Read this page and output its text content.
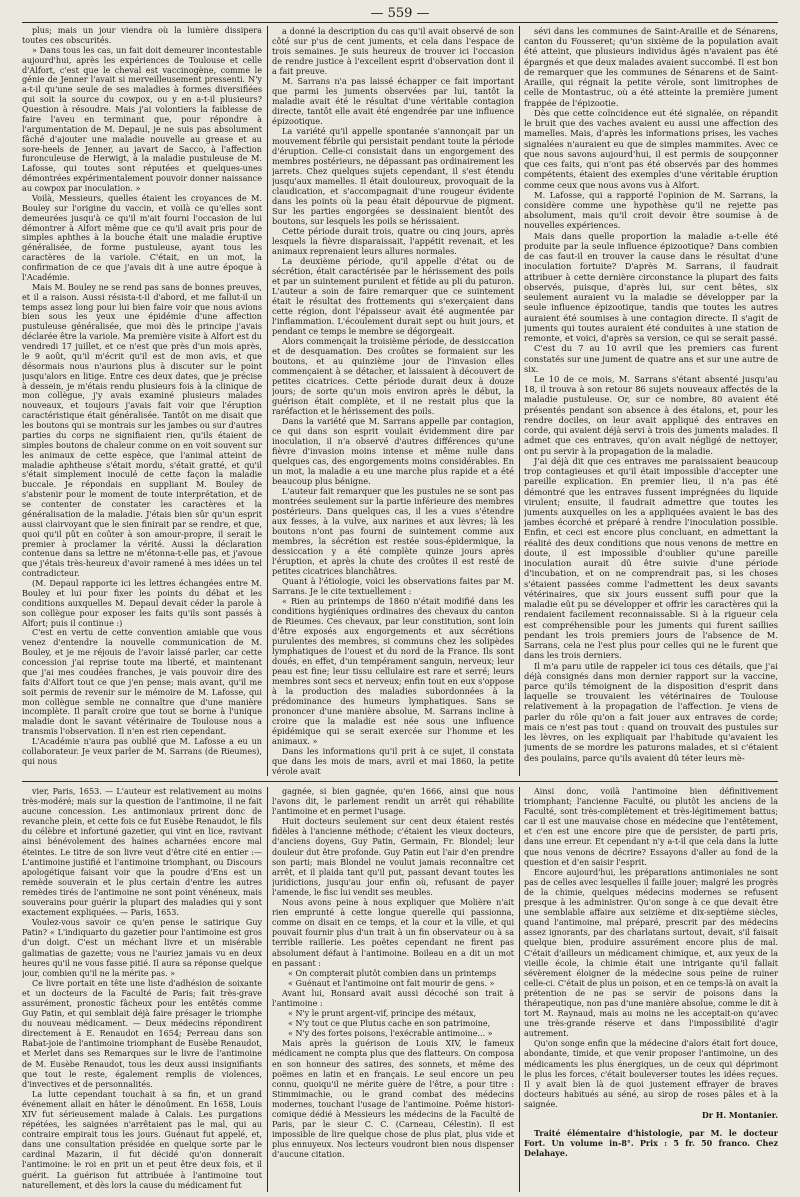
— 559 —

plus; mais un jour viendra où la lumière dissipera toutes ces obscurités.

» Dans tous les cas, un fait doit demeurer incontestable aujourd'hui, après les expériences de Toulouse et celle d'Alfort, c'est que le cheval est vaccinogène, comme le génie de Jenner l'avait si merveilleusement pressenti. N'y a-t-il qu'une seule de ses maladies à formes diversifiées qui soit la source du cowpox, ou y en a-t-il plusieurs? Question à résoudre. Mais j'ai volontiers la faiblesse de faire l'aveu en terminant que, pour répondre à l'argumentation de M. Depaul, je ne suis pas absolument fâché d'ajouter une maladie nouvelle au grease et au sore-heels de Jenner, au javart de Sacco, à l'affection furonculeuse de Herwigt, à la maladie pustuleuse de M. Lafosse, qui toutes sont réputées et quelques-unes démontrées expérimentalement pouvoir donner naissance au cowpox par inoculation. »

Voilà, Messieurs, quelles étaient les croyances de M. Bouley sur l'origine du vaccin, et voilà ce qu'elles sont demeurées jusqu'à ce qu'il m'ait fourni l'occasion de lui démontrer à Alfort même que ce qu'il avait pris pour de simples aphthes à la bouche était une maladie éruptive généralisée, de forme pustuleuse, ayant tous les caractères de la variole. C'était, en un mot, la confirmation de ce que j'avais dit à une autre époque à l'Académie.

Mais M. Bouley ne se rend pas sans de bonnes preuves, et il a raison. Aussi résista-t-il d'abord, et me fallut-il un temps assez long pour lui bien faire voir que nous avions bien sous les yeux une épidémie d'une affection pustuleuse généralisée, que moi dès le principe j'avais déclarée être la variole. Ma première visite à Alfort est du vendredi 17 juillet, et ce n'est que près d'un mois après, le 9 août, qu'il m'écrit qu'il est de mon avis, et que désormais nous n'aurions plus à discuter sur le point jusqu'alors en litige. Entre ces deux dates, que je précise à dessein, je m'étais rendu plusieurs fois à la clinique de mon collègue, j'y avais examiné plusieurs malades nouveaux, et toujours j'avais fait voir que l'éruption caractéristique était généralisée. Tantôt on me disait que les boutons qui se montrais sur les jambes ou sur d'autres parties du corps ne signifiaient rien, qu'ils étaient de simples boutons de chaleur comme on en voit souvent sur les animaux de cette espèce, que l'animal atteint de maladie aphtheuse s'était mordu, s'était gratté, et qu'il s'était simplement inoculé de cette façon la maladie buccale. Je répondais en suppliant M. Bouley de s'abstenir pour le moment de toute interprétation, et de se contenter de constater les caractères et la généralisation de la maladie. J'étais bien sûr qu'un esprit aussi clairvoyant que le sien finirait par se rendre, et que, quoi qu'il pût en coûter à son amour-propre, il serait le premier à proclamer la vérité. Aussi la déclaration contenue dans sa lettre ne m'étonna-t-elle pas, et j'avoue que j'étais très-heureux d'avoir ramené à mes idées un tel contradicteur.

(M. Depaul rapporte ici les lettres échangées entre M. Bouley et lui pour fixer les points du débat et les conditions auxquelles M. Depaul devait céder la parole à son collègue pour exposer les faits qu'ils sont passés à Alfort; puis il continue :)

C'est en vertu de cette convention amiable que vous venez d'entendre la nouvelle communication de M. Bouley, et je me réjouis de l'avoir laissé parler, car cette concession j'ai reprise toute ma liberté, et maintenant que j'ai mes coudées franches, je vais pouvoir dire des faits d'Alfort tout ce que j'en pense; mais avant, qu'il me soit permis de revenir sur le mémoire de M. Lafosse, qui mon collègue semble ne connaître que d'une manière incomplète. Il paraît croire que tout se borne à l'unique maladie dont le savant vétérinaire de Toulouse nous a transmis l'observation. Il n'en est rien cependant.

L'Académie n'aura pas oublié que M. Lafosse a eu un collaborateur. Je veux parler de M. Sarrans (de Rieumes), qui nous

a donné la description du cas qu'il avait observé de son côté sur p'us de cent juments, et cela dans l'espace de trois semaines. Je suis heureux de trouver ici l'occasion de rendre justice à l'excellent esprit d'observation dont il a fait preuve.

M. Sarrans n'a pas laissé échapper ce fait important que parmi les juments observées par lui, tantôt la maladie avait été le résultat d'une véritable contagion directe, tantôt elle avait été engendrée par une influence épizootique.

La variété qu'il appelle spontanée s'annonçait par un mouvement fébrile qui persistait pendant toute la période d'éruption. Celle-ci consistait dans un engorgement des membres postérieurs, ne dépassant pas ordinairement les jarrets. Chez quelques sujets cependant, il s'est étendu jusqu'aux mamelles. Il était douloureux, provoquait de la claudication, et s'accompagnait d'une rougeur évidente dans les points où la peau était dépourvue de pigment. Sur les parties engorgées se dessinaient bientôt des boutons, sur lesquels les poils se hérissaient.

Cette période durait trois, quatre ou cinq jours, après lesquels la fièvre disparaissait, l'appétit revenait, et les animaux reprenaient leurs allures normales.

La deuxième période, qu'il appelle d'état ou de sécrétion, était caractérisée par le hérissement des poils et par un suintement purulent et fétide au pli du paturon. L'auteur a soin de faire remarquer que ce suintement était le résultat des frottements qui s'exerçaient dans cette région, dont l'épaisseur avait été augmentée par l'inflammation. L'écoulement durait sept ou huit jours, et pendant ce temps le membre se dégorgeait.

Alors commençait la troisième période, de dessiccation et de desquamation. Des croûtes se formaient sur les boutons, et au quinzième jour de l'invasion elles commençaient à se détacher, et laissaient à découvert de petites cicatrices. Cette période durait deux à douze jours; de sorte qu'un mois environ après le début, la guérison était complète, et il ne restait plus que la raréfaction et le hérissement des poils.

Dans la variété que M. Sarrans appelle par contagion, ce qui dans son esprit voulait évidemment dire par inoculation, il n'a observé d'autres différences qu'une fièvre d'invasion moins intense et même nulle dans quelques cas, des engorgements moins considérables. En un mot, la maladie a eu une marche plus rapide et a été beaucoup plus bénigne.

L'auteur fait remarquer que les pustules ne se sont pas montrées seulement sur la partie inférieure des membres postérieurs. Dans quelques cas, il les a vues s'étendre aux fesses, à la vulve, aux narines et aux lèvres; là les boutons n'ont pas fourni de suintement comme aux membres, la sécrétion est restée sous-épidermique, la dessiccation y a été complète quinze jours après l'éruption, et après la chute des croûtes il est resté de petites cicatrices blanchâtres.

Quant à l'étiologie, voici les observations faites par M. Sarrans. Je le cite textuellement :

« Rien au printemps de 1860 n'était modifié dans les conditions hygiéniques ordinaires des chevaux du canton de Rieumes. Ces chevaux, par leur constitution, sont loin d'être exposés aux engorgements et aux sécrétions purulentes des membres, si communs chez les solipèdes lymphatiques de l'ouest et du nord de la France. Ils sont doués, en effet, d'un tempérament sanguin, nerveux; leur peau est fine; leur tissu cellulaire est rare et serré; leurs membres sont secs et nerveux; enfin tout en eux s'oppose à la production des maladies subordonnées à la prédominance des humeurs lymphatiques. Sans se prononcer d'une manière absolue, M. Sarrans incline à croire que la maladie est née sous une influence épidémique qui se serait exercée sur l'homme et les animaux. »

Dans les informations qu'il prit à ce sujet, il constata que dans les mois de mars, avril et mai 1860, la petite vérole avait

sévi dans les communes de Saint-Araille et de Sénarens, canton du Fousseret; qu'un sixième de la population avait été atteint, que plusieurs individus âgés n'avaient pas été épargnés et que deux malades avaient succombé. Il est bon de remarquer que les communes de Sénarens et de Saint-Araille, qui régnait la petite vérole, sont limitrophes de celle de Montastruc, où a été atteinte la première jument frappée de l'épizootie.

Dès que cette coïncidence eut été signalée, on répandit le bruit que des vaches avaient eu aussi une affection des mamelles. Mais, d'après les informations prises, les vaches signalées n'auraient eu que de simples mammites. Avec ce que nous savons aujourd'hui, il est permis de soupçonner que ces faits, qui n'ont pas été observés par des hommes compétents, étaient des exemples d'une véritable éruption comme ceux que nous avons vus à Alfort.

M. Lafosse, qui a rapporté l'opinion de M. Sarrans, la considère comme une hypothèse qu'il ne rejette pas absolument, mais qu'il croit devoir être soumise à de nouvelles expériences.

Mais dans quelle proportion la maladie a-t-elle été produite par la seule influence épizootique? Dans combien de cas faut-il en trouver la cause dans le résultat d'une inoculation fortuite? D'après M. Sarrans, il faudrait attribuer à cette dernière circonstance la plupart des faits observés, puisque, d'après lui, sur cent bêtes, six seulement auraient vu la maladie se développer par la seule influence épizootique, tandis que toutes les autres auraient été soumises à une contagion directe. Il s'agit de juments qui toutes auraient été conduites à une station de remonte, et voici, d'après sa version, ce qui se serait passé.

C'est du 7 au 10 avril que les premiers cas furent constatés sur une jument de quatre ans et sur une autre de six.

Le 10 de ce mois, M. Sarrans s'étant absenté jusqu'au 18, il trouva à son retour 86 sujets nouveaux affectés de la maladie pustuleuse. Or, sur ce nombre, 80 avaient été présentés pendant son absence à des étalons, et, pour les rendre dociles, on leur avait appliqué des entraves en corde, qui avaient déjà servi à trois des juments malades. Il admet que ces entraves, qu'on avait négligé de nettoyer, ont pu servir à la propagation de la maladie.

J'ai déjà dit que ces entraves me paraissaient beaucoup trop contagieuses et qu'il était impossible d'accepter une pareille explication. En premier lieu, il n'a pas été démontré que les entraves fussent imprégnées du liquide virulent; ensuite, il faudrait admettre que toutes les juments auxquelles on les a appliquées avaient le bas des jambes écorché et préparé à rendre l'inoculation possible. Enfin, et ceci est encore plus concluant, en admettant la réalité des deux conditions que nous venons de mettre en doute, il est impossible d'oublier qu'une pareille inoculation aurait dû être suivie d'une période d'incubation, et on ne comprendrait pas, si les choses s'étaient passées comme l'admettent les deux savants vétérinaires, que six jours eussent suffi pour que la maladie eût pu se développer et offrir les caractères qui la rendaient facilement reconnaissable. Si à la rigueur cela est compréhensible pour les juments qui furent saillies pendant les trois premiers jours de l'absence de M. Sarrans, cela ne l'est plus pour celles qui ne le furent que dans les trois derniers.

Il m'a paru utile de rappeler ici tous ces détails, que j'ai déjà consignés dans mon dernier rapport sur la vaccine, parce qu'ils témoignent de la disposition d'esprit dans laquelle se trouvaient les vétérinaires de Toulouse relativement à la propagation de l'affection. Je viens de parler du rôle qu'on a fait jouer aux entraves de corde; mais ce n'est pas tout : quand on trouvait des pustules sur les lèvres, on les expliquait par l'habitude qu'avaient les juments de se mordre les paturons malades, et si c'étaient des poulains, parce qu'ils avaient dû téter leurs mè-

vier, Paris, 1653. — L'auteur est relativement au moins très-modéré; mais sur la question de l'antimoine, il ne fait aucune concession. Les antimoniaux prirent donc de revanche plein, et cette fois ce fut Eusèbe Renaudot, le fils du célèbre et infortuné gazetier, qui vint en lice, ravivant ainsi bénévolement des haines acharnées encore mal éteintes. Le titre de son livre veut d'être cité en entier :— L'antimoine justifié et l'antimoine triomphant, ou Discours apologétique faisant voir que la poudre d'Ens est un remède souverain et le plus certain d'entre les autres remèdes tirés de l'antimoine ne sont point vénéneux, mais souverains pour guérir la plupart des maladies qui y sont exactement expliquées. — Paris, 1653.

Voulez-vous savoir ce qu'en pense le satirique Guy Patin? « L'indiquarto du gazetier pour l'antimoine est gros d'un doigt. C'est un méchant livre et un misérable galimatias de gazette; vous ne l'auriez jamais vu en deux heures qu'il ne vous fasse pitié. Il aura sa réponse quelque jour, combien qu'il ne la mérite pas. »

Ce livre portait en tête une liste d'adhésion de soixante et un docteurs de la Faculté de Paris; fait très-grave assurément, pronostic fâcheux pour les entêtés comme Guy Patin, et qui semblait déjà faire présager le triomphe du nouveau médicament. — Deux médecins répondirent directement à E. Renaudot en 1654; Perreau dans son Rabat-joie de l'antimoine triomphant de Eusèbe Renaudot, et Merlet dans ses Remarques sur le livre de l'antimoine de M. Eusèbe Renaudot, tous les deux aussi insignifiants que tout le reste, également remplis de violences, d'invectives et de personnalités.

La lutte cependant touchait à sa fin, et un grand événement allait en hâter le dénoûment. En 1658, Louis XIV fut sérieusement malade à Calais. Les purgations répétées, les saignées n'arrêtaient pas le mal, qui au contraire empirait tous les jours. Guénaut fut appelé, et, dans une consultation présidée en quelque sorte par le cardinal Mazarin, il fut décidé qu'on donnerait l'antimoine: le roi en prit un et peut être deux fois, et il guérit. La guérison fut attribuée à l'antimoine tout naturellement, et dès lors la cause du médicament fut

gagnée, si bien gagnée, qu'en 1666, ainsi que nous l'avons dit, le parlement rendit un arrêt qui réhabilite l'antimoine et en permet l'usage.

Huit docteurs seulement sur cent deux étaient restés fidèles à l'ancienne méthode; c'étaient les vieux docteurs, d'anciens doyens, Guy Patin, Germain, Fr. Blondel; leur douleur dut être profonde. Guy Patin eut l'air d'en prendre son parti; mais Blondel ne voulut jamais reconnaître cet arrêt, et il plaida tant qu'il put, passant devant toutes les juridictions, jusqu'au jour enfin où, refusant de payer l'amende, le fisc lui vendit ses meubles.

Nous avons peine à nous expliquer que Molière n'ait rien emprunté à cette longue querelle qui passionna, comme on disait en ce temps, et la cour et la ville, et qui pouvait fournir plus d'un trait à un fin observateur ou à sa terrible raillerie. Les poëtes cependant ne firent pas absolument défaut à l'antimoine. Boileau en a dit un mot en passant :

« On compterait plutôt combien dans un printemps

« Guénaut et l'antimoine ont fait mourir de gens. »

Avant lui, Ronsard avait aussi décoché son trait à l'antimoine :

« N'y le prunt argent-vif, principe des métaux,

« N'y tout ce que Plutus cache en son patrimoine,

« N'y des fortes poisons, l'exécrable antimoine... »

Mais après la guérison de Louis XIV, le fameux médicament ne compta plus que des flatteurs. On composa en son honneur des satires, des sonnets, et même des poëmes en latin et en français. Le seul encore un peu connu, quoiqu'il ne mérite guère de l'être, a pour titre : Stimmimachie, ou le grand combat des médecins modernes, touchant l'usage de l'antimoine. Poëme histori-comique dédié à Messieurs les médecins de la Faculté de Paris, par le sieur C. C. (Carneau, Célestin). Il est impossible de lire quelque chose de plus plat, plus vide et plus ennuyeux. Nos lecteurs voudront bien nous dispenser d'aucune citation.

Ainsi donc, voilà l'antimoine bien définitivement triomphant; l'ancienne Faculté, ou plutôt les anciens de la Faculté, sont très-complètement et très-légitimement battus; car il est une mauvaise chose en médecine que l'entêtement, et c'en est une encore pire que de persister, de parti pris, dans une erreur. Et cependant n'y a-t-il que cela dans la lutte que nous venons de décrire? Essayons d'aller au fond de la question et d'en saisir l'esprit.

Encore aujourd'hui, les préparations antimoniales ne sont pas de celles avec lesquelles il faille jouer; malgré les progrès de la chimie, quelques médecins modernes se refusent presque à les administrer. Qu'on songe à ce que devait être une semblable affaire aux seizième et dix-septième siècles, quand l'antimoine, mal préparé, prescrit par des médecins assez ignorants, par des charlatans surtout, devait, s'il faisait quelque bien, produire assurément encore plus de mal. C'était d'ailleurs un médicament chimique, et, aux yeux de la vieille école, la chimie était une intrigante qu'il fallait sévèrement éloigner de la médecine sous peine de ruiner celle-ci. C'était de plus un poison, et en ce temps-là on avait la prétention de ne pas se servir de poisons dans la thérapeutique, non pas d'une manière absolue, comme le dit à tort M. Raynaud, mais au moins ne les acceptait-on qu'avec une très-grande réserve et dans l'impossibilité d'agir autrement.

Qu'on songe enfin que la médecine d'alors était fort douce, abondante, timide, et que venir proposer l'antimoine, un des médicaments les plus énergiques, un de ceux qui déprimont le plus les forces, c'était bouleverser toutes les idées reçues. Il y avait bien là de quoi justement effrayer de braves docteurs habitués au séné, au sirop de roses pâles et à la saignée.

Dr H. Montanier.

Traité élémentaire d'histologie, par M. le docteur Fort. Un volume in-8°. Prix : 5 fr. 50 franco. Chez Delahaye.
